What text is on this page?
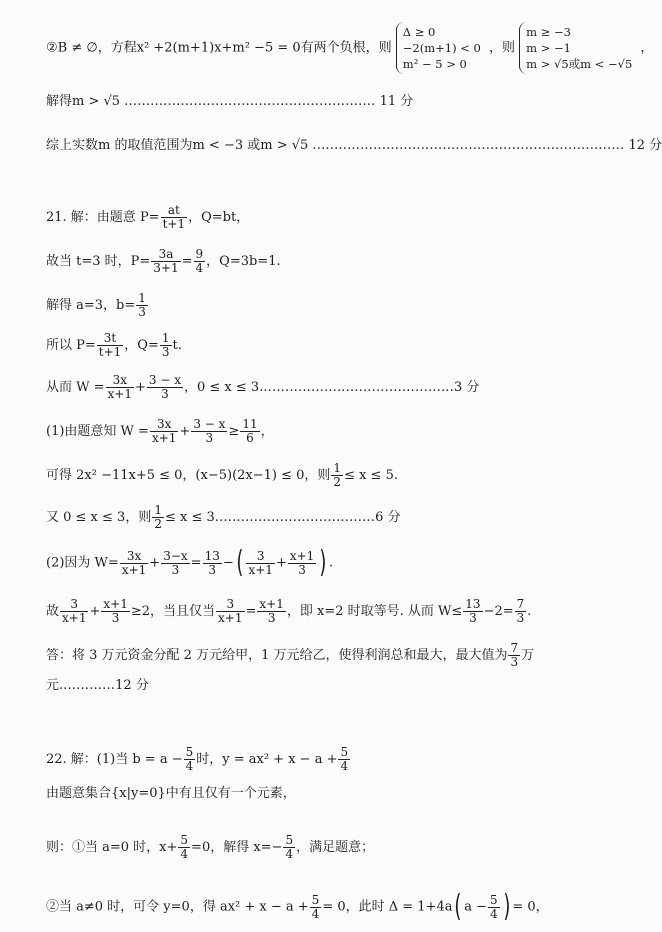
②B ≠ ∅，方程x² +2(m+1)x+m² −5 = 0有两个负根，则
Δ ≥ 0
−2(m+1) < 0
m² − 5 > 0
，则
m ≥ −3
m > −1
m > √5或m < −√5
，
解得m > √5 .......................................................... 11 分
综上实数m 的取值范围为m < −3 或m > √5 ........................................................................ 12 分
21. 解：由题意 $P= \frac{at}{t+1}$ ，Q=bt，
故当 t=3 时，$P= \frac{3a}{3+1} = \frac{9}{4}$ ，Q=3b=1.
解得 a=3，$b= \frac{1}{3}$
所以 $P= \frac{3t}{t+1}$ ，$Q= \frac{1}{3} t$.
从而 $W = \frac{3x}{x+1} + \frac{3 - x}{3}$ ，0 ≤ x ≤ 3.............................................3 分
(1)由题意知 $W = \frac{3x}{x+1} + \frac{3 - x}{3} \ge \frac{11}{6}$ ，
可得 2x² −11x+5 ≤ 0，(x−5)(2x−1) ≤ 0，则 $\frac{1}{2} \le x \le 5$.
又 0 ≤ x ≤ 3，则 $\frac{1}{2} \le x \le 3.....................................6$ 分
(2)因为 $W= \frac{3x}{x+1} + \frac{3-x}{3} = \frac{13}{3}$ −( $\frac{3}{x+1} + \frac{x+1}{3}$ ) .
故 $\frac{3}{x+1} + \frac{x+1}{3} \ge 2$，当且仅当 $\frac{3}{x+1} = \frac{x+1}{3}$ ，即 x=2 时取等号. 从而 $W\le \frac{13}{3} -2= \frac{7}{3}$ .
答：将 3 万元资金分配 2 万元给甲，1 万元给乙，使得利润总和最大，最大值为 $\frac{7}{3}$ 万
元.............12 分
22. 解：(1)当 $b = a - \frac{5}{4}$ 时，$y = ax^2 + x - a + \frac{5}{4}$
由题意集合{x|y=0}中有且仅有一个元素，
则：①当 a=0 时，$x+ \frac{5}{4} =0$，解得 $x=- \frac{5}{4}$ ，满足题意；
②当 a≠0 时，可令 y=0，得 $ax^2 + x - a + \frac{5}{4} = 0$，此时 Δ = 1+4a( $a - \frac{5}{4}$ ) = 0，
